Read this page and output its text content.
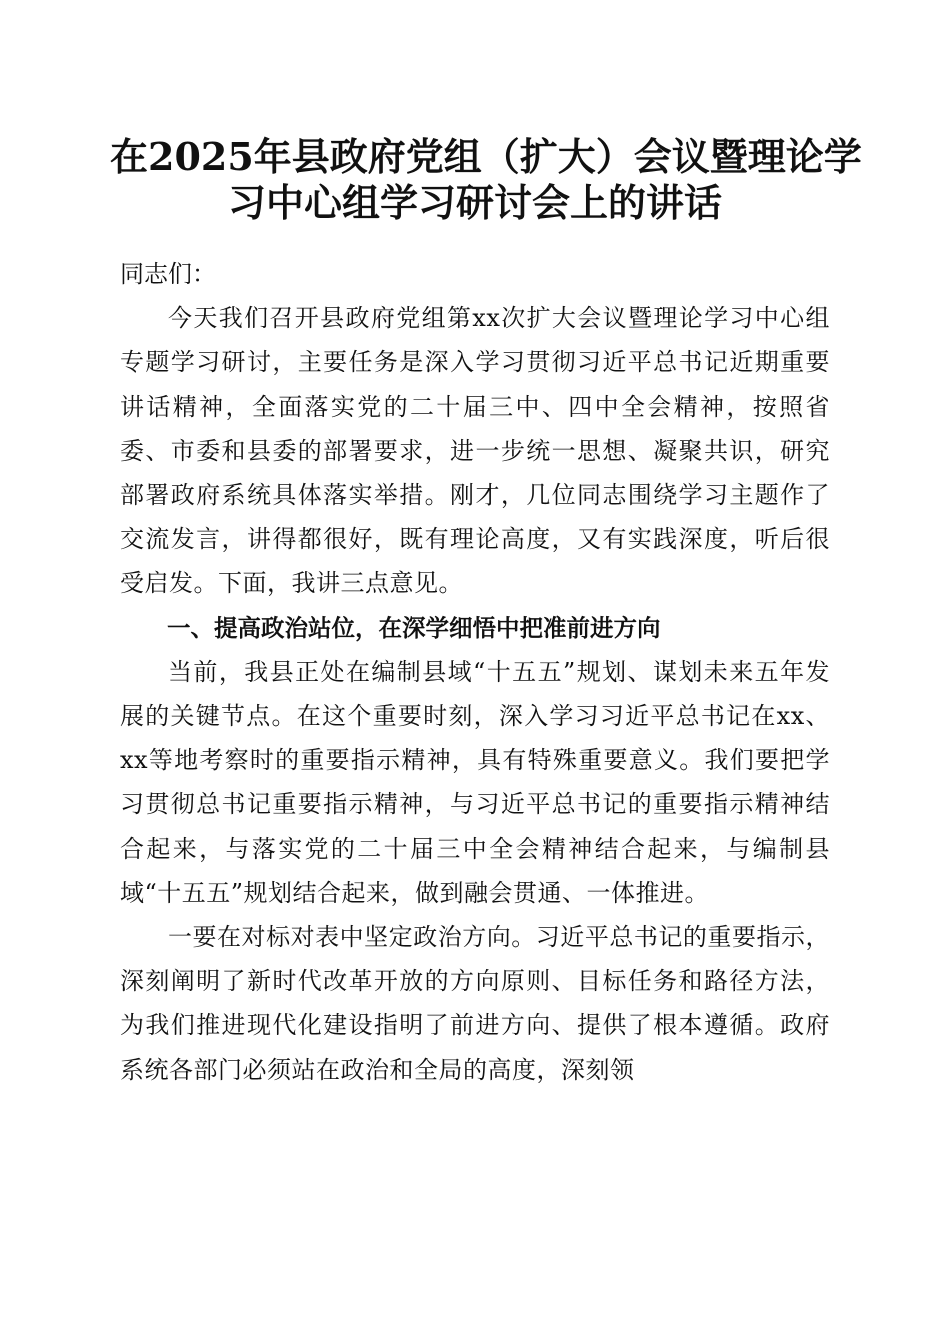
在2025年县政府党组（扩大）会议暨理论学
习中心组学习研讨会上的讲话

同志们：

今天我们召开县政府党组第xx次扩大会议暨理论学习中心组专题学习研讨，主要任务是深入学习贯彻习近平总书记近期重要讲话精神，全面落实党的二十届三中、四中全会精神，按照省委、市委和县委的部署要求，进一步统一思想、凝聚共识，研究部署政府系统具体落实举措。刚才，几位同志围绕学习主题作了交流发言，讲得都很好，既有理论高度，又有实践深度，听后很受启发。下面，我讲三点意见。

一、提高政治站位，在深学细悟中把准前进方向

当前，我县正处在编制县域“十五五”规划、谋划未来五年发展的关键节点。在这个重要时刻，深入学习习近平总书记在xx、xx等地考察时的重要指示精神，具有特殊重要意义。我们要把学习贯彻总书记重要指示精神，与习近平总书记的重要指示精神结合起来，与落实党的二十届三中全会精神结合起来，与编制县域“十五五”规划结合起来，做到融会贯通、一体推进。

一要在对标对表中坚定政治方向。习近平总书记的重要指示，深刻阐明了新时代改革开放的方向原则、目标任务和路径方法，为我们推进现代化建设指明了前进方向、提供了根本遵循。政府系统各部门必须站在政治和全局的高度，深刻领
